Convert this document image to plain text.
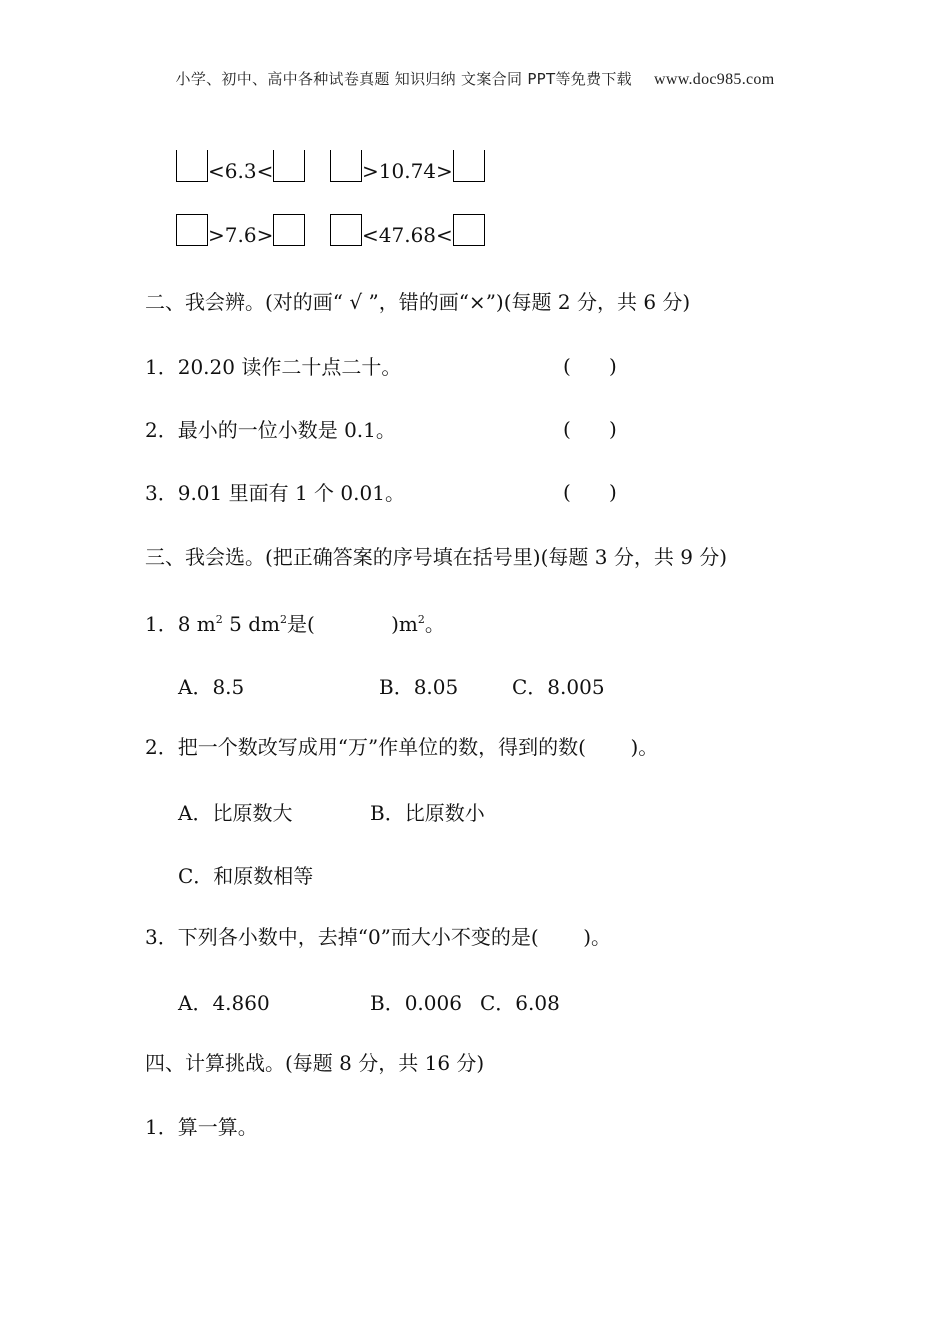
小学、初中、高中各种试卷真题 知识归纳 文案合同 PPT等免费下载 www.doc985.com
<6.3<	>10.74>
>7.6>	<47.68<
二、我会辨。(对的画“ √ ”，错的画“×”)(每题 2 分，共 6 分)
1．20.20 读作二十点二十。	(      )
2．最小的一位小数是 0.1。	(      )
3．9.01 里面有 1 个 0.01。	(      )
三、我会选。(把正确答案的序号填在括号里)(每题 3 分，共 9 分)
1．8 $m^2$ 5 $dm^2$是(            )$m^2$。
A．8.5	B．8.05	C．8.005
2．把一个数改写成用“万”作单位的数，得到的数(       )。
A．比原数大	B．比原数小
C．和原数相等
3．下列各小数中，去掉“0”而大小不变的是(       )。
A．4.860	B．0.006 C．6.08
四、计算挑战。(每题 8 分，共 16 分)
1．算一算。
